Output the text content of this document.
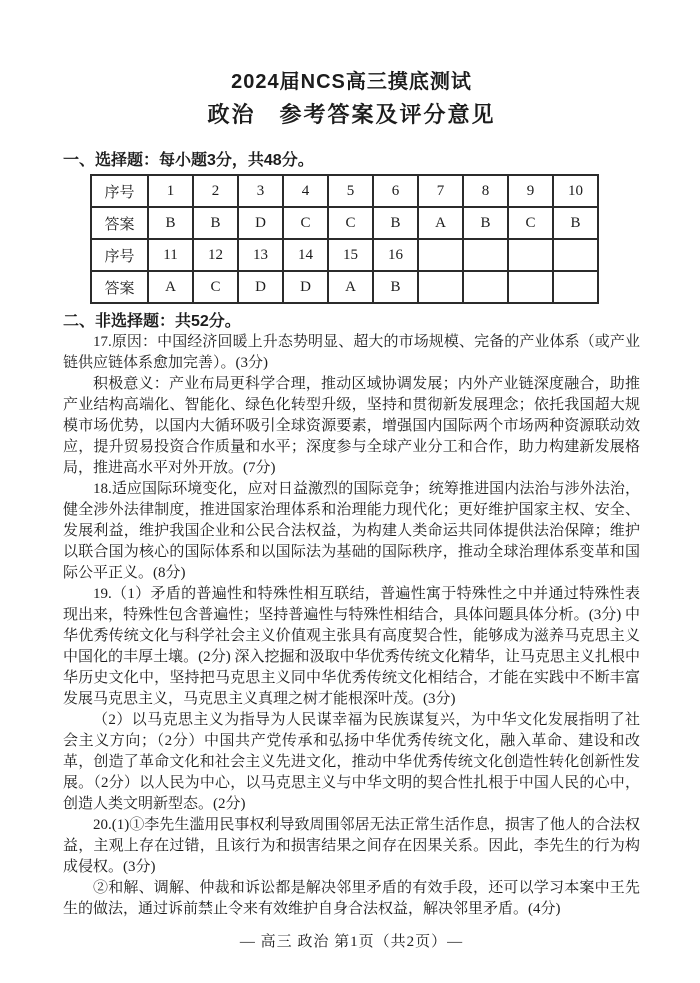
2024届NCS高三摸底测试
政治　参考答案及评分意见
一、选择题：每小题3分，共48分。
序号	1	2	3	4	5	6	7	8	9	10
答案	B	B	D	C	C	B	A	B	C	B
序号	11	12	13	14	15	16				
答案	A	C	D	D	A	B				
二、非选择题：共52分。

17.原因：中国经济回暖上升态势明显、超大的市场规模、完备的产业体系（或产业链供应链体系愈加完善）。(3分)

积极意义：产业布局更科学合理，推动区域协调发展；内外产业链深度融合，助推产业结构高端化、智能化、绿色化转型升级，坚持和贯彻新发展理念；依托我国超大规模市场优势，以国内大循环吸引全球资源要素，增强国内国际两个市场两种资源联动效应，提升贸易投资合作质量和水平；深度参与全球产业分工和合作，助力构建新发展格局，推进高水平对外开放。(7分)

18.适应国际环境变化，应对日益激烈的国际竞争；统筹推进国内法治与涉外法治，健全涉外法律制度，推进国家治理体系和治理能力现代化；更好维护国家主权、安全、发展利益，维护我国企业和公民合法权益，为构建人类命运共同体提供法治保障；维护以联合国为核心的国际体系和以国际法为基础的国际秩序，推动全球治理体系变革和国际公平正义。(8分)

19.（1）矛盾的普遍性和特殊性相互联结，普遍性寓于特殊性之中并通过特殊性表现出来，特殊性包含普遍性；坚持普遍性与特殊性相结合，具体问题具体分析。(3分) 中华优秀传统文化与科学社会主义价值观主张具有高度契合性，能够成为滋养马克思主义中国化的丰厚土壤。(2分) 深入挖掘和汲取中华优秀传统文化精华，让马克思主义扎根中华历史文化中，坚持把马克思主义同中华优秀传统文化相结合，才能在实践中不断丰富发展马克思主义，马克思主义真理之树才能根深叶茂。(3分)

（2）以马克思主义为指导为人民谋幸福为民族谋复兴，为中华文化发展指明了社会主义方向；（2分）中国共产党传承和弘扬中华优秀传统文化，融入革命、建设和改革，创造了革命文化和社会主义先进文化，推动中华优秀传统文化创造性转化创新性发展。（2分）以人民为中心，以马克思主义与中华文明的契合性扎根于中国人民的心中，创造人类文明新型态。(2分)

20.(1)①李先生滥用民事权利导致周围邻居无法正常生活作息，损害了他人的合法权益，主观上存在过错，且该行为和损害结果之间存在因果关系。因此，李先生的行为构成侵权。(3分)

②和解、调解、仲裁和诉讼都是解决邻里矛盾的有效手段，还可以学习本案中王先生的做法，通过诉前禁止令来有效维护自身合法权益，解决邻里矛盾。(4分)

— 高三 政治 第1页（共2页）—
